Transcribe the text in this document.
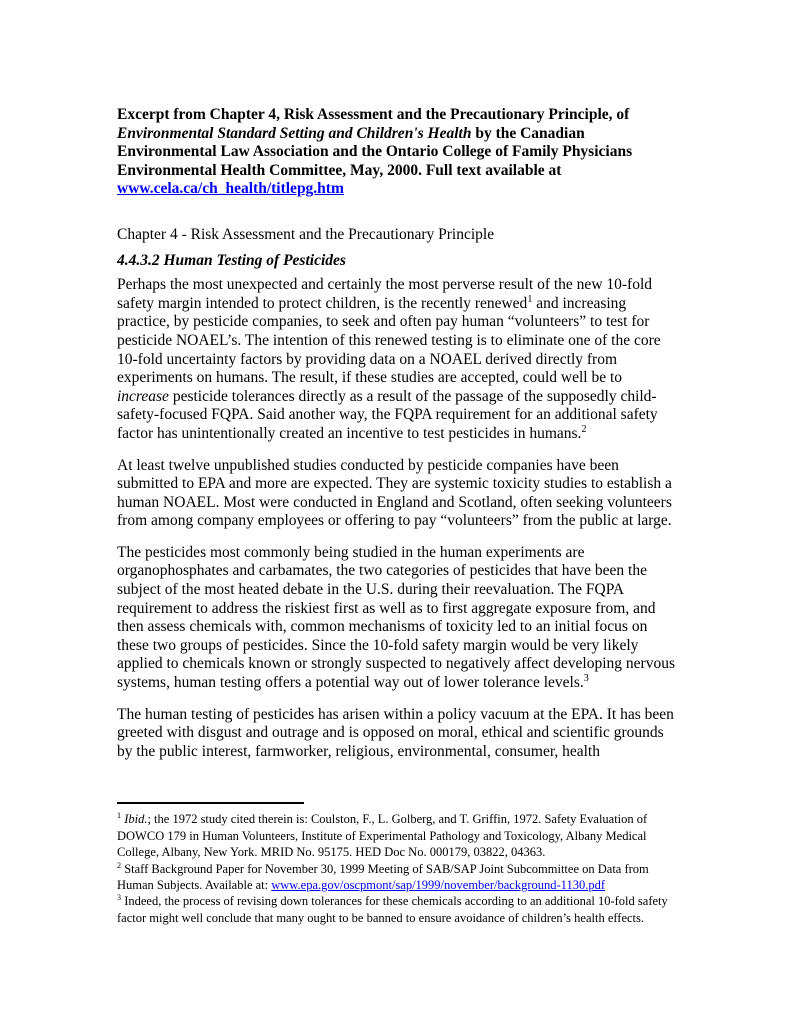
Excerpt from Chapter 4, Risk Assessment and the Precautionary Principle, of Environmental Standard Setting and Children's Health by the Canadian Environmental Law Association and the Ontario College of Family Physicians Environmental Health Committee, May, 2000. Full text available at www.cela.ca/ch_health/titlepg.htm

Chapter 4 - Risk Assessment and the Precautionary Principle

4.4.3.2 Human Testing of Pesticides

Perhaps the most unexpected and certainly the most perverse result of the new 10-fold safety margin intended to protect children, is the recently renewed$^1$ and increasing practice, by pesticide companies, to seek and often pay human “volunteers” to test for pesticide NOAEL’s. The intention of this renewed testing is to eliminate one of the core 10-fold uncertainty factors by providing data on a NOAEL derived directly from experiments on humans. The result, if these studies are accepted, could well be to increase pesticide tolerances directly as a result of the passage of the supposedly child-safety-focused FQPA. Said another way, the FQPA requirement for an additional safety factor has unintentionally created an incentive to test pesticides in humans.$^2$

At least twelve unpublished studies conducted by pesticide companies have been submitted to EPA and more are expected. They are systemic toxicity studies to establish a human NOAEL. Most were conducted in England and Scotland, often seeking volunteers from among company employees or offering to pay “volunteers” from the public at large.

The pesticides most commonly being studied in the human experiments are organophosphates and carbamates, the two categories of pesticides that have been the subject of the most heated debate in the U.S. during their reevaluation. The FQPA requirement to address the riskiest first as well as to first aggregate exposure from, and then assess chemicals with, common mechanisms of toxicity led to an initial focus on these two groups of pesticides. Since the 10-fold safety margin would be very likely applied to chemicals known or strongly suspected to negatively affect developing nervous systems, human testing offers a potential way out of lower tolerance levels.$^3$

The human testing of pesticides has arisen within a policy vacuum at the EPA. It has been greeted with disgust and outrage and is opposed on moral, ethical and scientific grounds by the public interest, farmworker, religious, environmental, consumer, health

$^1$ Ibid.; the 1972 study cited therein is: Coulston, F., L. Golberg, and T. Griffin, 1972. Safety Evaluation of DOWCO 179 in Human Volunteers, Institute of Experimental Pathology and Toxicology, Albany Medical College, Albany, New York. MRID No. 95175. HED Doc No. 000179, 03822, 04363.

$^2$ Staff Background Paper for November 30, 1999 Meeting of SAB/SAP Joint Subcommittee on Data from Human Subjects. Available at: www.epa.gov/oscpmont/sap/1999/november/background-1130.pdf

$^3$ Indeed, the process of revising down tolerances for these chemicals according to an additional 10-fold safety factor might well conclude that many ought to be banned to ensure avoidance of children’s health effects.
